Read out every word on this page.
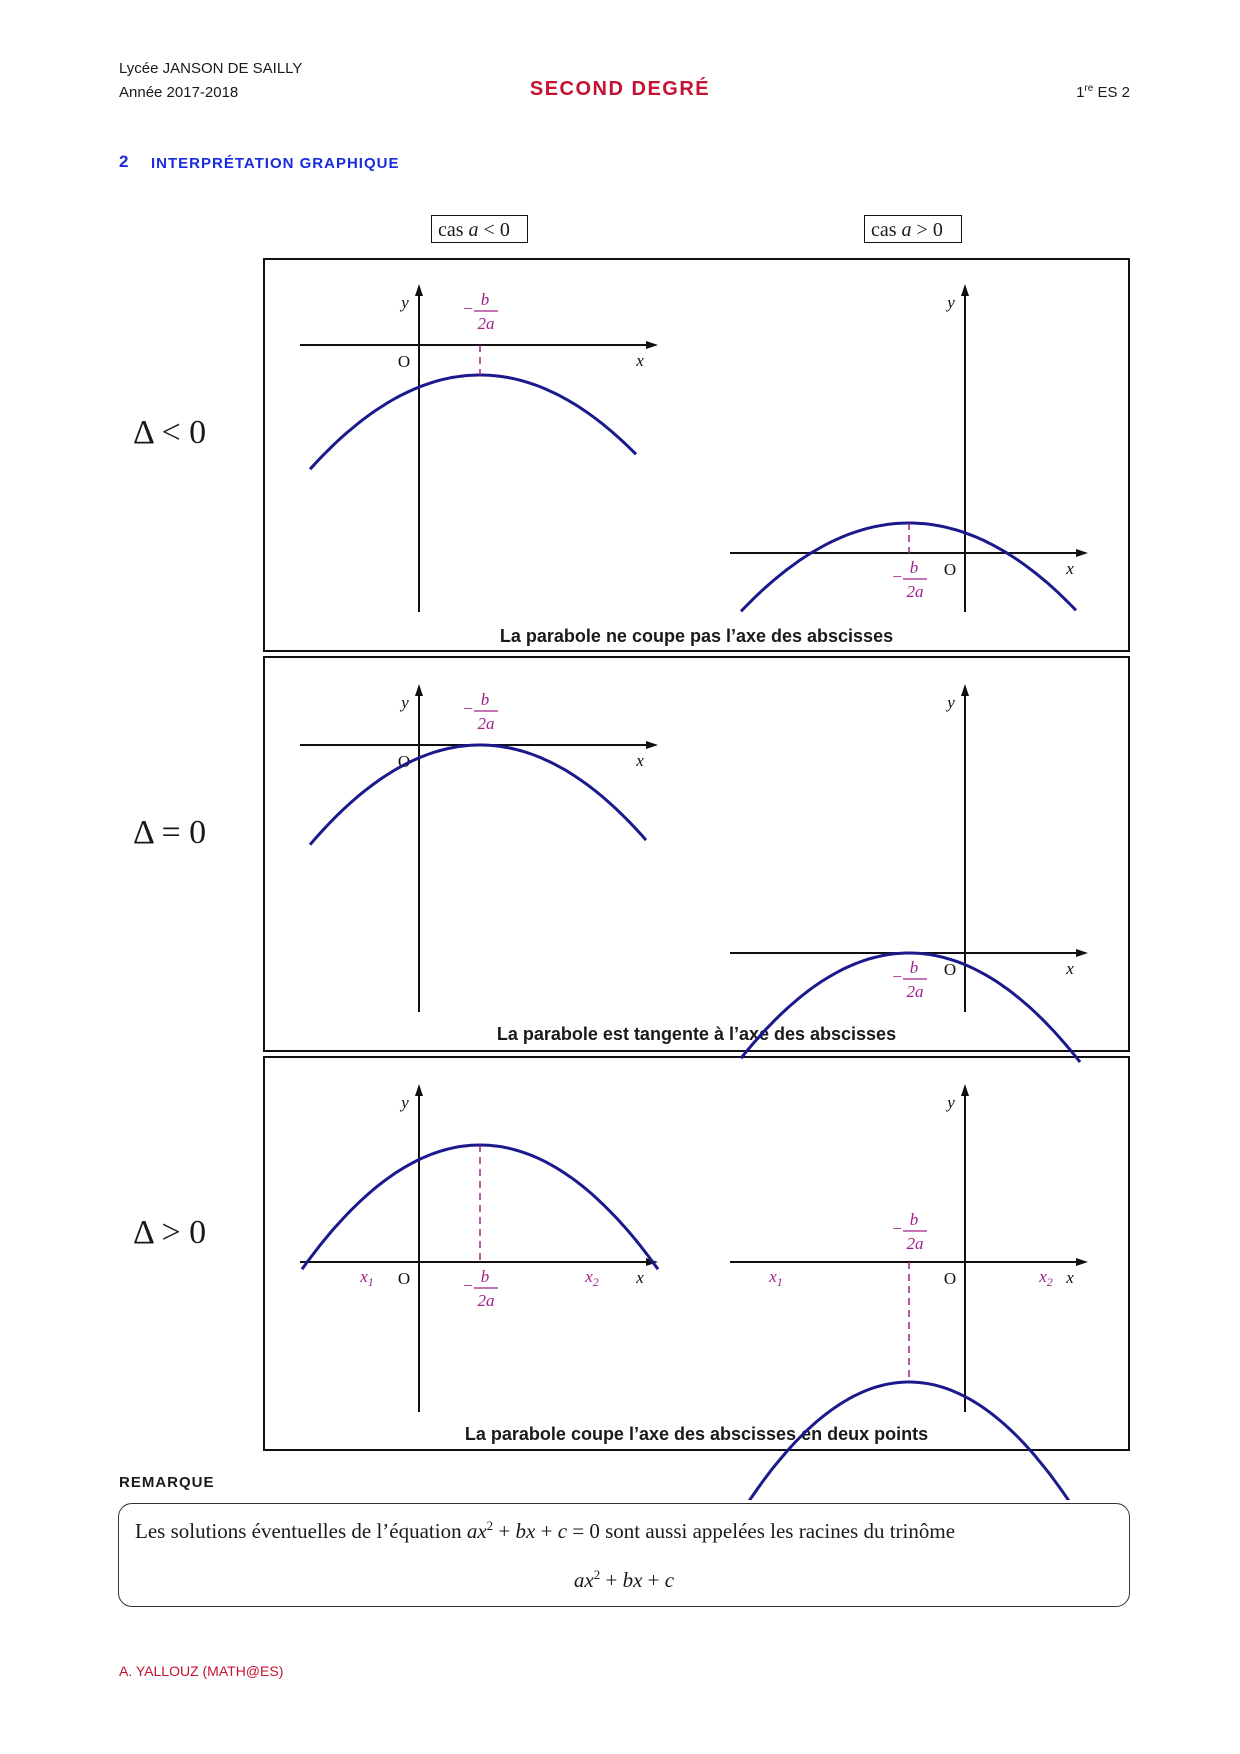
Lycée JANSON DE SAILLY
Année 2017-2018	SECOND DEGRÉ	1re ES 2
2 INTERPRÉTATION GRAPHIQUE
cas a < 0	cas a > 0
Δ < 0
Δ = 0
Δ > 0
La parabole ne coupe pas l’axe des abscisses
La parabole est tangente à l’axe des abscisses
La parabole coupe l’axe des abscisses en deux points
x
y
O
− b
2a
x
y
O
− b
2a
x
y
O
− b
2a
x
y
O
− b
2a
x
y
O	− b
2a
$x_1$	$x_2$	x
y
O
− b
2a
$x_1$	$x_2$
REMARQUE
Les solutions éventuelles de l’équation $ax^2$ + bx + c = 0 sont aussi appelées les racines du trinôme
$ax^2$ + bx + c
A. YALLOUZ (MATH@ES)
